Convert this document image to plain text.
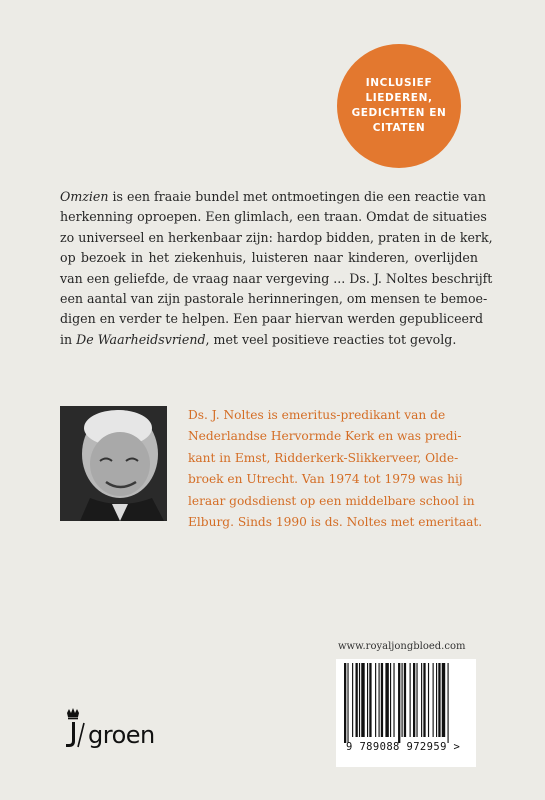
INCLUSIEF
LIEDEREN,
GEDICHTEN EN
CITATEN

Omzien is een fraaie bundel met ontmoetingen die een reactie van
herkenning oproepen. Een glimlach, een traan. Omdat de situaties
zo universeel en herkenbaar zijn: hardop bidden, praten in de kerk,
op bezoek in het ziekenhuis, luisteren naar kinderen, overlijden
van een geliefde, de vraag naar vergeving ... Ds. J. Noltes beschrijft
een aantal van zijn pastorale herinneringen, om mensen te bemoe-
digen en verder te helpen. Een paar hiervan werden gepubliceerd
in De Waarheidsvriend, met veel positieve reacties tot gevolg.

Ds. J. Noltes is emeritus-predikant van de
Nederlandse Hervormde Kerk en was predi-
kant in Emst, Ridderkerk-Slikkerveer, Olde-
broek en Utrecht. Van 1974 tot 1979 was hij
leraar godsdienst op een middelbare school in
Elburg. Sinds 1990 is ds. Noltes met emeritaat.
www.royaljongbloed.com
9 789088 972959 >
groen
